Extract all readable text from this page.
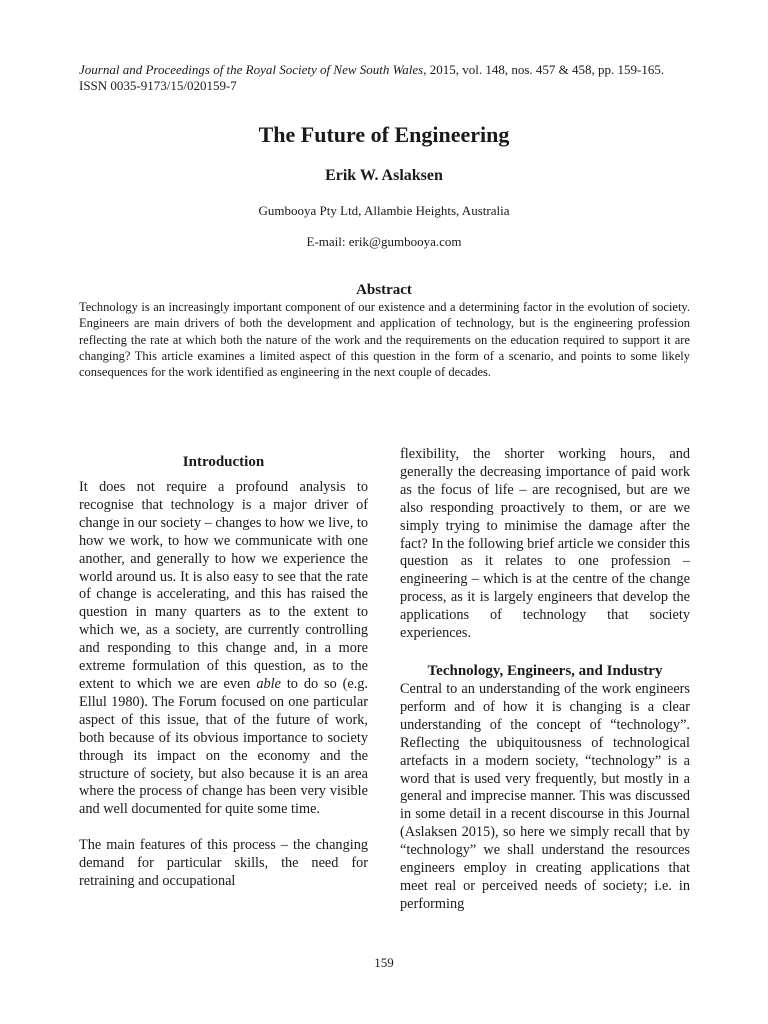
Journal and Proceedings of the Royal Society of New South Wales, 2015, vol. 148, nos. 457 & 458, pp. 159-165.
ISSN 0035-9173/15/020159-7
The Future of Engineering
Erik W. Aslaksen
Gumbooya Pty Ltd, Allambie Heights, Australia
E-mail: erik@gumbooya.com
Abstract

Technology is an increasingly important component of our existence and a determining factor in the evolution of society. Engineers are main drivers of both the development and application of technology, but is the engineering profession reflecting the rate at which both the nature of the work and the requirements on the education required to support it are changing? This article examines a limited aspect of this question in the form of a scenario, and points to some likely consequences for the work identified as engineering in the next couple of decades.

Introduction

It does not require a profound analysis to recognise that technology is a major driver of change in our society – changes to how we live, to how we work, to how we communicate with one another, and generally to how we experience the world around us. It is also easy to see that the rate of change is accelerating, and this has raised the question in many quarters as to the extent to which we, as a society, are currently controlling and responding to this change and, in a more extreme formulation of this question, as to the extent to which we are even able to do so (e.g. Ellul 1980). The Forum focused on one particular aspect of this issue, that of the future of work, both because of its obvious importance to society through its impact on the economy and the structure of society, but also because it is an area where the process of change has been very visible and well documented for quite some time.

The main features of this process – the changing demand for particular skills, the need for retraining and occupational

flexibility, the shorter working hours, and generally the decreasing importance of paid work as the focus of life – are recognised, but are we also responding proactively to them, or are we simply trying to minimise the damage after the fact? In the following brief article we consider this question as it relates to one profession – engineering – which is at the centre of the change process, as it is largely engineers that develop the applications of technology that society experiences.

Technology, Engineers, and Industry

Central to an understanding of the work engineers perform and of how it is changing is a clear understanding of the concept of “technology”. Reflecting the ubiquitousness of technological artefacts in a modern society, “technology” is a word that is used very frequently, but mostly in a general and imprecise manner. This was discussed in some detail in a recent discourse in this Journal (Aslaksen 2015), so here we simply recall that by “technology” we shall understand the resources engineers employ in creating applications that meet real or perceived needs of society; i.e. in performing

159
